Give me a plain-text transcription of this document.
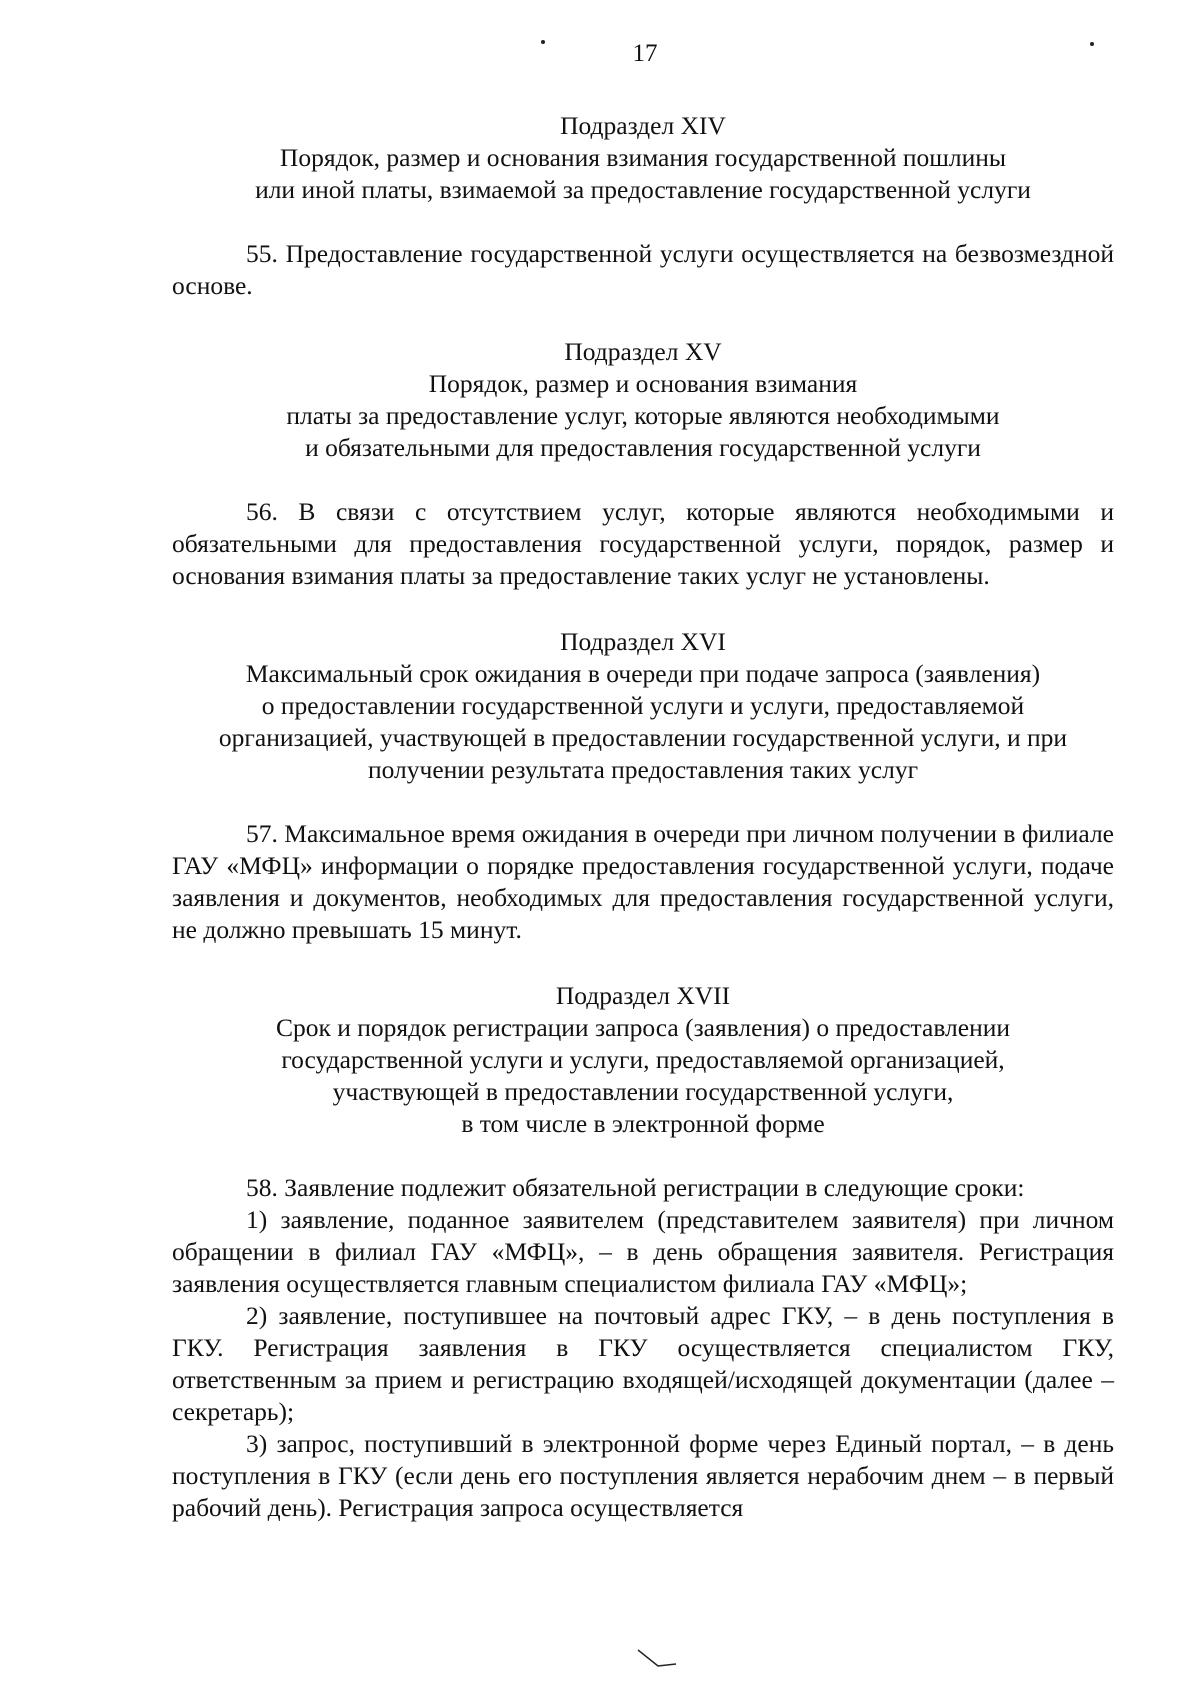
17
Подраздел XIV
Порядок, размер и основания взимания государственной пошлины
или иной платы, взимаемой за предоставление государственной услуги

55. Предоставление государственной услуги осуществляется на безвозмездной основе.

Подраздел XV
Порядок, размер и основания взимания
платы за предоставление услуг, которые являются необходимыми
и обязательными для предоставления государственной услуги

56. В связи с отсутствием услуг, которые являются необходимыми и обязательными для предоставления государственной услуги, порядок, размер и основания взимания платы за предоставление таких услуг не установлены.

Подраздел XVI
Максимальный срок ожидания в очереди при подаче запроса (заявления)
о предоставлении государственной услуги и услуги, предоставляемой
организацией, участвующей в предоставлении государственной услуги, и при
получении результата предоставления таких услуг

57. Максимальное время ожидания в очереди при личном получении в филиале ГАУ «МФЦ» информации о порядке предоставления государственной услуги, подаче заявления и документов, необходимых для предоставления государственной услуги, не должно превышать 15 минут.

Подраздел XVII
Срок и порядок регистрации запроса (заявления) о предоставлении
государственной услуги и услуги, предоставляемой организацией,
участвующей в предоставлении государственной услуги,
в том числе в электронной форме

58. Заявление подлежит обязательной регистрации в следующие сроки:

1) заявление, поданное заявителем (представителем заявителя) при личном обращении в филиал ГАУ «МФЦ», – в день обращения заявителя. Регистрация заявления осуществляется главным специалистом филиала ГАУ «МФЦ»;

2) заявление, поступившее на почтовый адрес ГКУ, – в день поступления в ГКУ. Регистрация заявления в ГКУ осуществляется специалистом ГКУ, ответственным за прием и регистрацию входящей/исходящей документации (далее – секретарь);

3) запрос, поступивший в электронной форме через Единый портал, – в день поступления в ГКУ (если день его поступления является нерабочим днем – в первый рабочий день). Регистрация запроса осуществляется
